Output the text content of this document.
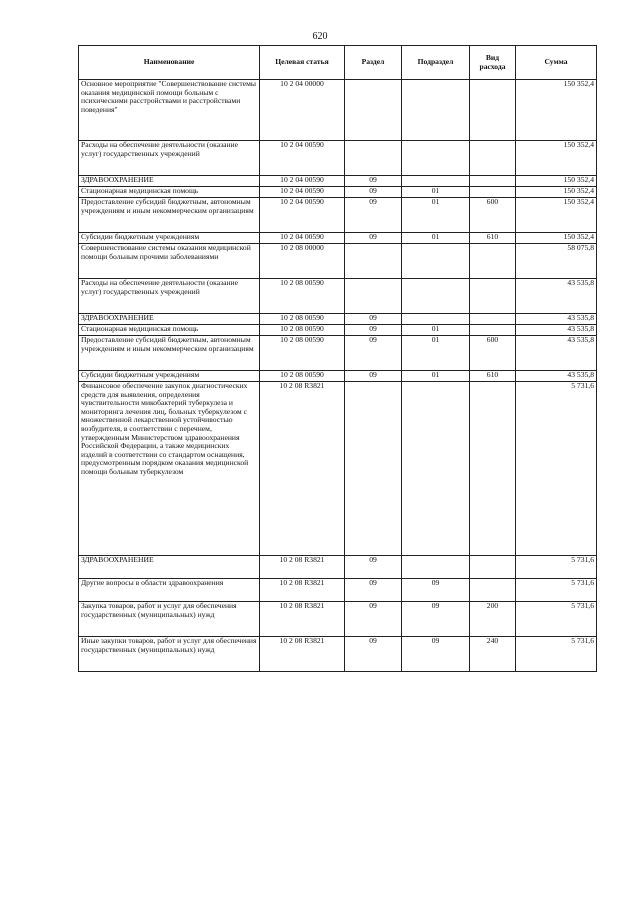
620
Наименование	Целевая статья	Раздел	Подраздел	Вид расхода	Сумма
Основное мероприятие "Совершенствование системы оказания медицинской помощи больным с психическими расстройствами и расстройствами поведения"	10 2 04 00000				150 352,4
Расходы на обеспечение деятельности (оказание услуг) государственных учреждений	10 2 04 00590				150 352,4
ЗДРАВООХРАНЕНИЕ	10 2 04 00590	09			150 352,4
Стационарная медицинская помощь	10 2 04 00590	09	01		150 352,4
Предоставление субсидий бюджетным, автономным учреждениям и иным некоммерческим организациям	10 2 04 00590	09	01	600	150 352,4
Субсидии бюджетным учреждениям	10 2 04 00590	09	01	610	150 352,4
Совершенствование системы оказания медицинской помощи больным прочими заболеваниями	10 2 08 00000				58 075,8
Расходы на обеспечение деятельности (оказание услуг) государственных учреждений	10 2 08 00590				43 535,8
ЗДРАВООХРАНЕНИЕ	10 2 08 00590	09			43 535,8
Стационарная медицинская помощь	10 2 08 00590	09	01		43 535,8
Предоставление субсидий бюджетным, автономным учреждениям и иным некоммерческим организациям	10 2 08 00590	09	01	600	43 535,8
Субсидии бюджетным учреждениям	10 2 08 00590	09	01	610	43 535,8
Финансовое обеспечение закупок диагностических средств для выявления, определения чувствительности микобактерий туберкулеза и мониторинга лечения лиц, больных туберкулезом с множественной лекарственной устойчивостью возбудителя, в соответствии с перечнем, утвержденным Министерством здравоохранения Российской Федерации, а также медицинских изделий в соответствии со стандартом оснащения, предусмотренным порядком оказания медицинской помощи больным туберкулезом	10 2 08 R3821				5 731,6
ЗДРАВООХРАНЕНИЕ	10 2 08 R3821	09			5 731,6
Другие вопросы в области здравоохранения	10 2 08 R3821	09	09		5 731,6
Закупка товаров, работ и услуг для обеспечения государственных (муниципальных) нужд	10 2 08 R3821	09	09	200	5 731,6
Иные закупки товаров, работ и услуг для обеспечения государственных (муниципальных) нужд	10 2 08 R3821	09	09	240	5 731,6
